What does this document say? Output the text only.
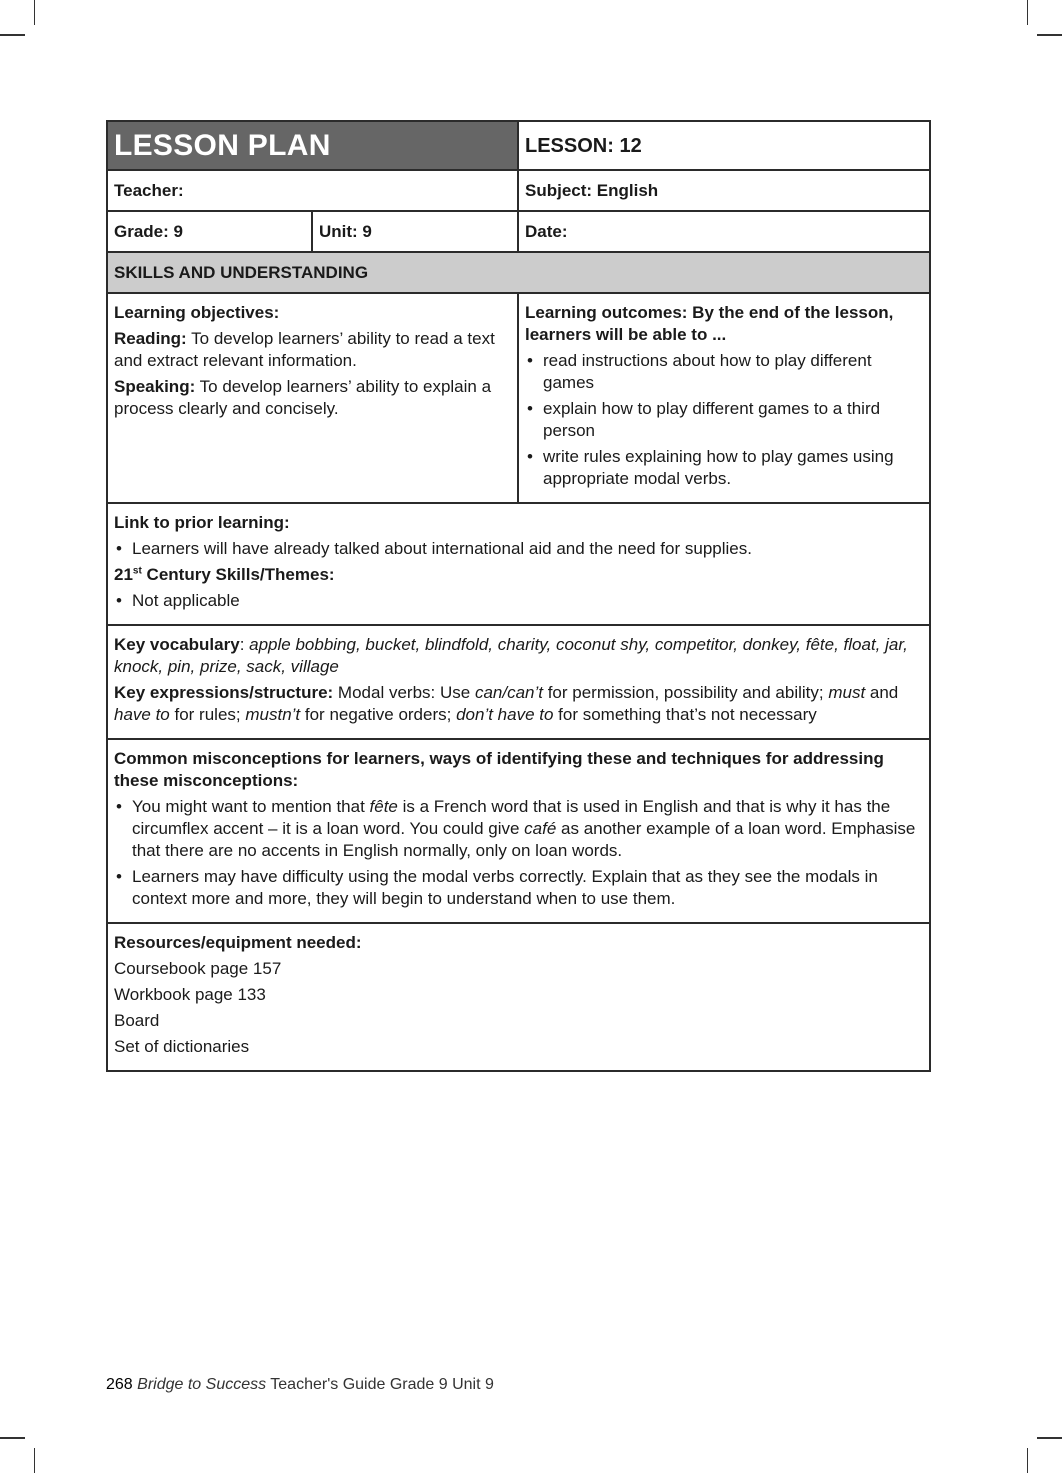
LESSON PLAN		LESSON: 12
Teacher:		Subject: English
Grade: 9	Unit: 9	Date:
SKILLS AND UNDERSTANDING		

Learning objectives:

Reading: To develop learners’ ability to read a text and extract relevant information.

Speaking: To develop learners’ ability to explain a process clearly and concisely.

Learning outcomes: By the end of the lesson, learners will be able to ...

• read instructions about how to play different games
• explain how to play different games to a third person
• write rules explaining how to play games using appropriate modal verbs.

Link to prior learning:

• Learners will have already talked about international aid and the need for supplies.

21st Century Skills/Themes:

• Not applicable

Key vocabulary: apple bobbing, bucket, blindfold, charity, coconut shy, competitor, donkey, fête, float, jar, knock, pin, prize, sack, village

Key expressions/structure: Modal verbs: Use can/can’t for permission, possibility and ability; must and have to for rules; mustn’t for negative orders; don’t have to for something that’s not necessary		

Common misconceptions for learners, ways of identifying these and techniques for addressing these misconceptions:

• You might want to mention that fête is a French word that is used in English and that is why it has the circumflex accent – it is a loan word. You could give café as another example of a loan word. Emphasise that there are no accents in English normally, only on loan words.
• Learners may have difficulty using the modal verbs correctly. Explain that as they see the modals in context more and more, they will begin to understand when to use them.

Resources/equipment needed:

Coursebook page 157

Workbook page 133

Board

Set of dictionaries		

268 Bridge to Success Teacher's Guide Grade 9 Unit 9
